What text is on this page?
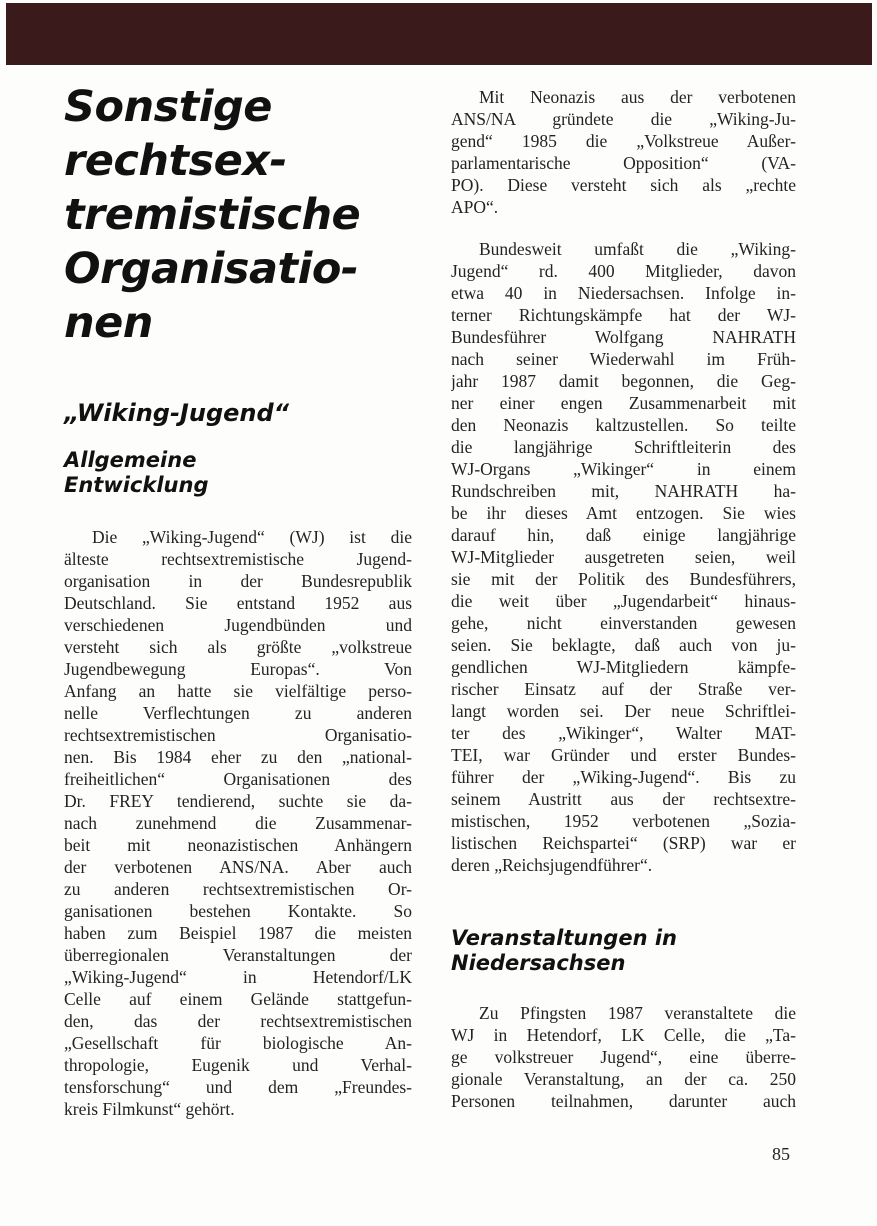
Sonstige
rechtsex-
tremistische
Organisatio-
nen
„Wiking-Jugend“
Allgemeine
Entwicklung
Die „Wiking-Jugend“ (WJ) ist die
älteste rechtsextremistische Jugend-
organisation in der Bundesrepublik
Deutschland. Sie entstand 1952 aus
verschiedenen Jugendbünden und
versteht sich als größte „volkstreue
Jugendbewegung Europas“. Von
Anfang an hatte sie vielfältige perso-
nelle Verflechtungen zu anderen
rechtsextremistischen Organisatio-
nen. Bis 1984 eher zu den „national-
freiheitlichen“ Organisationen des
Dr. FREY tendierend, suchte sie da-
nach zunehmend die Zusammenar-
beit mit neonazistischen Anhängern
der verbotenen ANS/NA. Aber auch
zu anderen rechtsextremistischen Or-
ganisationen bestehen Kontakte. So
haben zum Beispiel 1987 die meisten
überregionalen Veranstaltungen der
„Wiking-Jugend“ in Hetendorf/LK
Celle auf einem Gelände stattgefun-
den, das der rechtsextremistischen
„Gesellschaft für biologische An-
thropologie, Eugenik und Verhal-
tensforschung“ und dem „Freundes-
kreis Filmkunst“ gehört.
Mit Neonazis aus der verbotenen
ANS/NA gründete die „Wiking-Ju-
gend“ 1985 die „Volkstreue Außer-
parlamentarische Opposition“ (VA-
PO). Diese versteht sich als „rechte
APO“.
Bundesweit umfaßt die „Wiking-
Jugend“ rd. 400 Mitglieder, davon
etwa 40 in Niedersachsen. Infolge in-
terner Richtungskämpfe hat der WJ-
Bundesführer Wolfgang NAHRATH
nach seiner Wiederwahl im Früh-
jahr 1987 damit begonnen, die Geg-
ner einer engen Zusammenarbeit mit
den Neonazis kaltzustellen. So teilte
die langjährige Schriftleiterin des
WJ-Organs „Wikinger“ in einem
Rundschreiben mit, NAHRATH ha-
be ihr dieses Amt entzogen. Sie wies
darauf hin, daß einige langjährige
WJ-Mitglieder ausgetreten seien, weil
sie mit der Politik des Bundesführers,
die weit über „Jugendarbeit“ hinaus-
gehe, nicht einverstanden gewesen
seien. Sie beklagte, daß auch von ju-
gendlichen WJ-Mitgliedern kämpfe-
rischer Einsatz auf der Straße ver-
langt worden sei. Der neue Schriftlei-
ter des „Wikinger“, Walter MAT-
TEI, war Gründer und erster Bundes-
führer der „Wiking-Jugend“. Bis zu
seinem Austritt aus der rechtsextre-
mistischen, 1952 verbotenen „Sozia-
listischen Reichspartei“ (SRP) war er
deren „Reichsjugendführer“.
Veranstaltungen in
Niedersachsen
Zu Pfingsten 1987 veranstaltete die
WJ in Hetendorf, LK Celle, die „Ta-
ge volkstreuer Jugend“, eine überre-
gionale Veranstaltung, an der ca. 250
Personen teilnahmen, darunter auch
85
